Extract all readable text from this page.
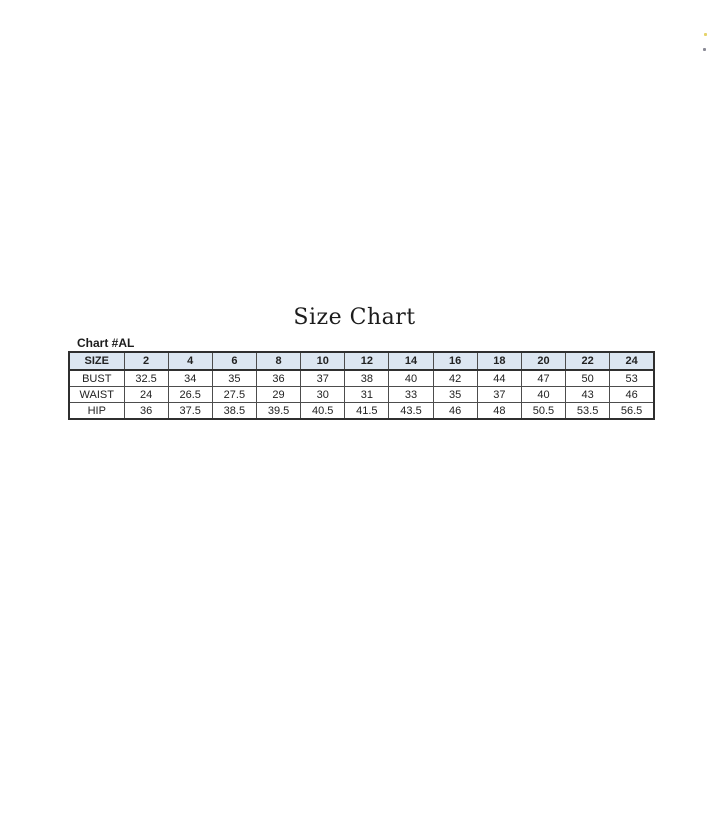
Size Chart
Chart #AL
SIZE	2	4	6	8	10	12	14	16	18	20	22	24
BUST	32.5	34	35	36	37	38	40	42	44	47	50	53
WAIST	24	26.5	27.5	29	30	31	33	35	37	40	43	46
HIP	36	37.5	38.5	39.5	40.5	41.5	43.5	46	48	50.5	53.5	56.5
